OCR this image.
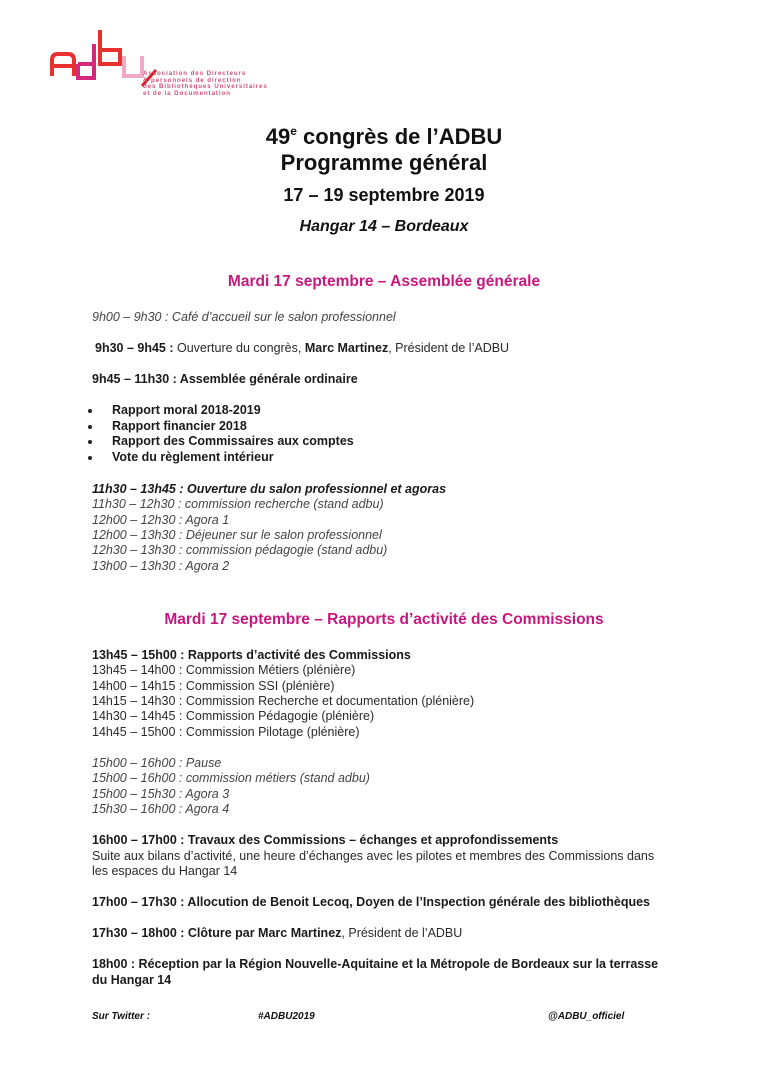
Association des Directeurs
& personnels de direction
des Bibliothèques Universitaires
et de la Documentation
49e congrès de l’ADBU
Programme général
17 – 19 septembre 2019
Hangar 14 – Bordeaux
Mardi 17 septembre – Assemblée générale
9h00 – 9h30 : Café d’accueil sur le salon professionnel
9h30 – 9h45 : Ouverture du congrès, Marc Martinez, Président de l’ADBU
9h45 – 11h30 : Assemblée générale ordinaire
Rapport moral 2018-2019
Rapport financier 2018
Rapport des Commissaires aux comptes
Vote du règlement intérieur
11h30 – 13h45 : Ouverture du salon professionnel et agoras
11h30 – 12h30 : commission recherche (stand adbu)
12h00 – 12h30 : Agora 1
12h00 – 13h30 : Déjeuner sur le salon professionnel
12h30 – 13h30 : commission pédagogie (stand adbu)
13h00 – 13h30 : Agora 2
Mardi 17 septembre – Rapports d’activité des Commissions
13h45 – 15h00 : Rapports d’activité des Commissions
13h45 – 14h00 : Commission Métiers (plénière)
14h00 – 14h15 : Commission SSI (plénière)
14h15 – 14h30 : Commission Recherche et documentation (plénière)
14h30 – 14h45 : Commission Pédagogie (plénière)
14h45 – 15h00 : Commission Pilotage (plénière)
15h00 – 16h00 : Pause
15h00 – 16h00 : commission métiers (stand adbu)
15h00 – 15h30 : Agora 3
15h30 – 16h00 : Agora 4
16h00 – 17h00 : Travaux des Commissions – échanges et approfondissements
Suite aux bilans d’activité, une heure d’échanges avec les pilotes et membres des Commissions dans
les espaces du Hangar 14
17h00 – 17h30 : Allocution de Benoit Lecoq, Doyen de l’Inspection générale des bibliothèques
17h30 – 18h00 : Clôture par Marc Martinez, Président de l’ADBU
18h00 : Réception par la Région Nouvelle-Aquitaine et la Métropole de Bordeaux sur la terrasse
du Hangar 14
Sur Twitter :	#ADBU2019	@ADBU_officiel
